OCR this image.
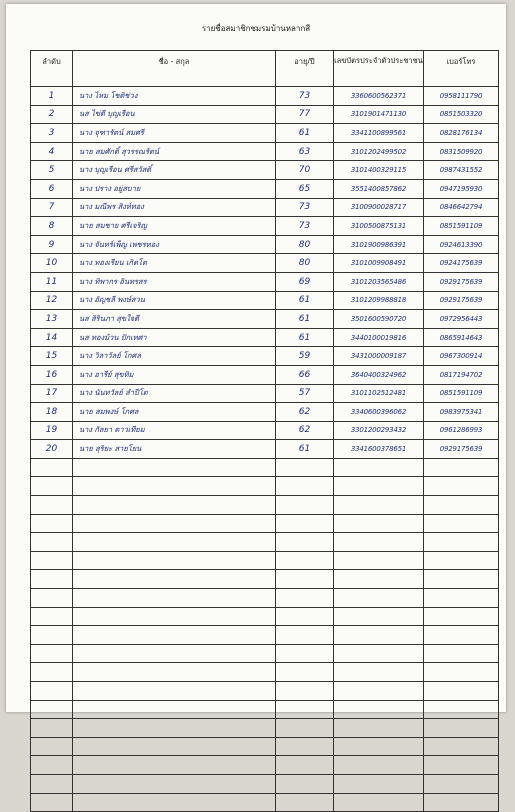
รายชื่อสมาชิกชมรมบ้านหลากสี
ลำดับ	ชื่อ - สกุล	อายุ/ปี	เลขบัตรประจำตัวประชาชน	เบอร์โทร
1	นาง ไหม โชติช่วง	73	3360600562371	0958111790
2	นส ไข่ดี บุญเรือน	77	3101901471130	0851503320
3	นาง จุฑารัตน์ สมศรี	61	3341100899561	0828176134
4	นาย สมศักดิ์ สุวรรณรัตน์	63	3101202499502	0831509920
5	นาง บุญเรือน ศรีสวัสดิ์	70	3101400329115	0987431552
6	นาง ปราง อยู่สบาย	65	3551400857862	0947195930
7	นาง มณีพร สิงห์ทอง	73	3100900028717	0846642794
8	นาย สมชาย ศรีเจริญ	73	3100500875131	0851591109
9	นาง จันทร์เพ็ญ เพชรทอง	80	3101900986391	0924613390
10	นาง ทองเรียน เกิดโต	80	3101009908491	0924175639
11	นาง ทิพากร อินทรสร	69	3101203565486	0929175639
12	นาง อัญชลี พงษ์สวน	61	3101209988818	0929175639
13	นส สิรินภา สุขใจดี	61	3501600590720	0972956443
14	นส ทองม้วน ปักเทศา	61	3440100019816	0865914643
15	นาง วิลาวัลย์ โกศล	59	3431000009187	0967300914
16	นาง อารีย์ สุขทิม	66	3640400324962	0817194702
17	นาง นันทวัลย์ ลำปีโต	57	3101102512481	0851591109
18	นาย สมพงษ์ โกศล	62	3340600396062	0983975341
19	นาง กัลยา ดาวเทียม	62	3301200293432	0961286993
20	นาย สุริยะ สายโยน	61	3341600378651	0929175639
